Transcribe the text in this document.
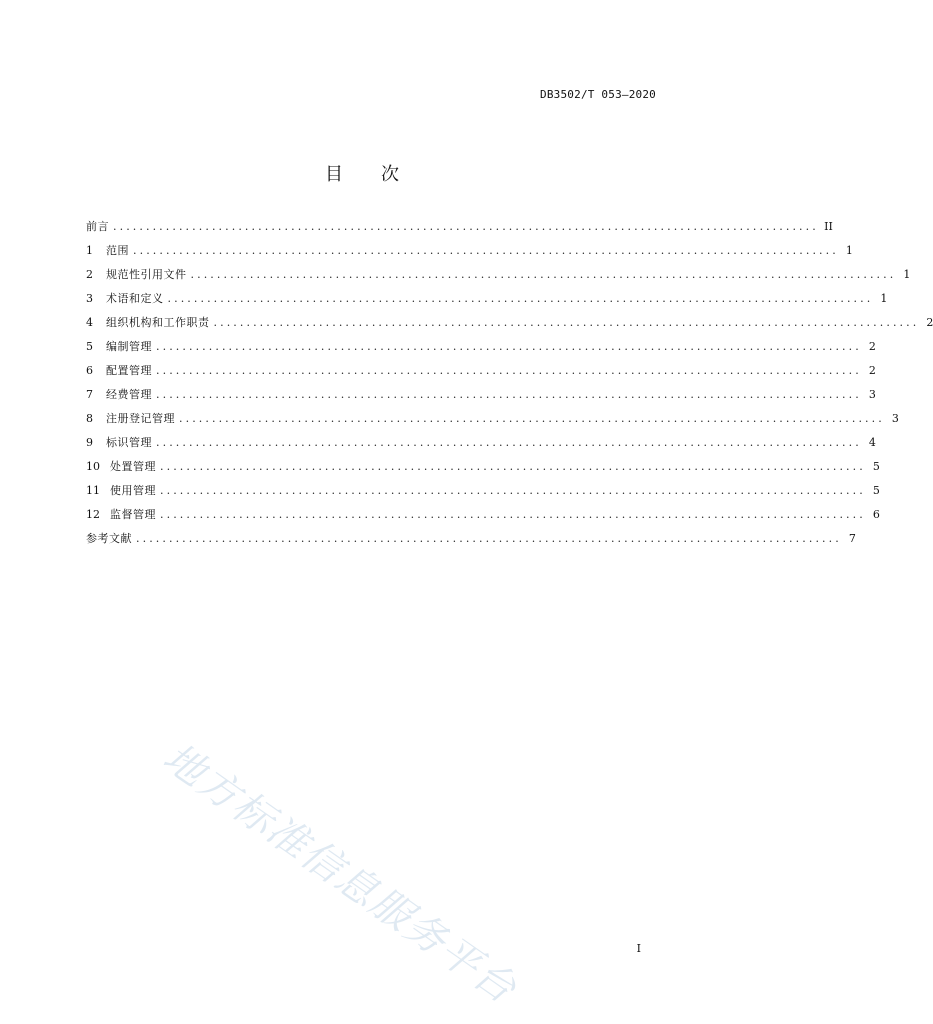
DB3502/T 053—2020
目次
前言 ........................................................................................................... II
1	范围 ........................................................................................................... 1
2	规范性引用文件 ........................................................................................................... 1
3	术语和定义 ........................................................................................................... 1
4	组织机构和工作职责 ........................................................................................................... 2
5	编制管理 ........................................................................................................... 2
6	配置管理 ........................................................................................................... 2
7	经费管理 ........................................................................................................... 3
8	注册登记管理 ........................................................................................................... 3
9	标识管理 ........................................................................................................... 4
10 处置管理 ........................................................................................................... 5
11 使用管理 ........................................................................................................... 5
12 监督管理 ........................................................................................................... 6
参考文献 ........................................................................................................... 7
I
地方标准信息服务平台
